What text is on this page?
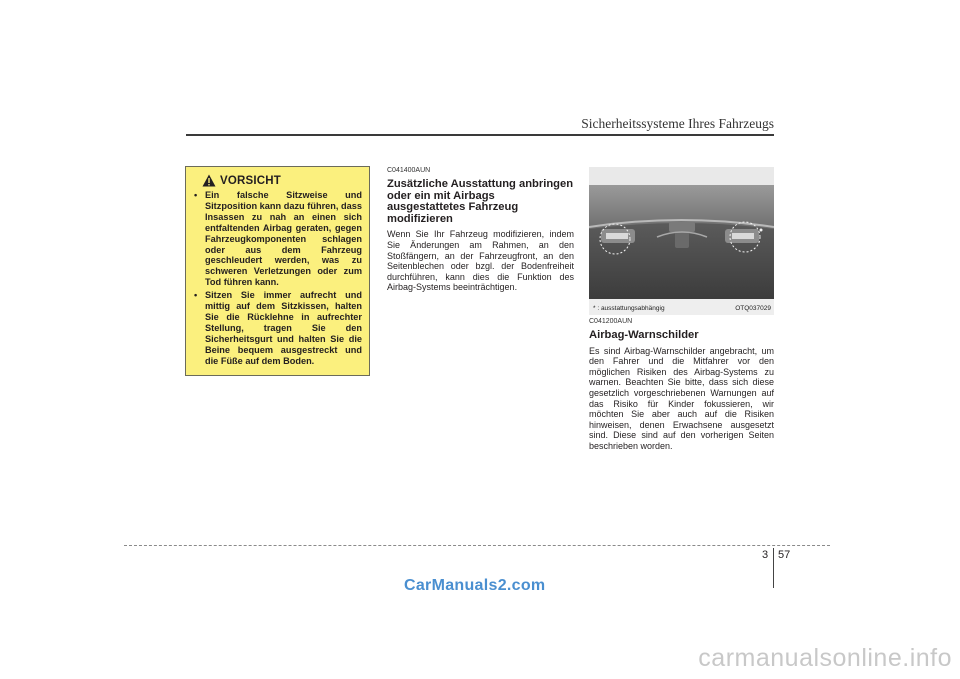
Sicherheitssysteme Ihres Fahrzeugs
VORSICHT
• Ein falsche Sitzweise und Sitzposition kann dazu führen, dass Insassen zu nah an einen sich entfaltenden Airbag geraten, gegen Fahrzeugkomponenten schlagen oder aus dem Fahrzeug geschleudert werden, was zu schweren Verletzungen oder zum Tod führen kann.
• Sitzen Sie immer aufrecht und mittig auf dem Sitzkissen, halten Sie die Rücklehne in aufrechter Stellung, tragen Sie den Sicherheitsgurt und halten Sie die Beine bequem ausgestreckt und die Füße auf dem Boden.
C041400AUN
Zusätzliche Ausstattung anbringen oder ein mit Airbags ausgestattetes Fahrzeug modifizieren
Wenn Sie Ihr Fahrzeug modifizieren, indem Sie Änderungen am Rahmen, an den Stoßfängern, an der Fahrzeugfront, an den Seitenblechen oder bzgl. der Bodenfreiheit durchführen, kann dies die Funktion des Airbag-Systems beeinträchtigen.
* : ausstattungsabhängig	OTQ037029
C041200AUN
Airbag-Warnschilder
Es sind Airbag-Warnschilder angebracht, um den Fahrer und die Mitfahrer vor den möglichen Risiken des Airbag-Systems zu warnen. Beachten Sie bitte, dass sich diese gesetzlich vorgeschriebenen Warnungen auf das Risiko für Kinder fokussieren, wir möchten Sie aber auch auf die Risiken hinweisen, denen Erwachsene ausgesetzt sind. Diese sind auf den vorherigen Seiten beschrieben worden.
3 57
CarManuals2.com
carmanualsonline.info
